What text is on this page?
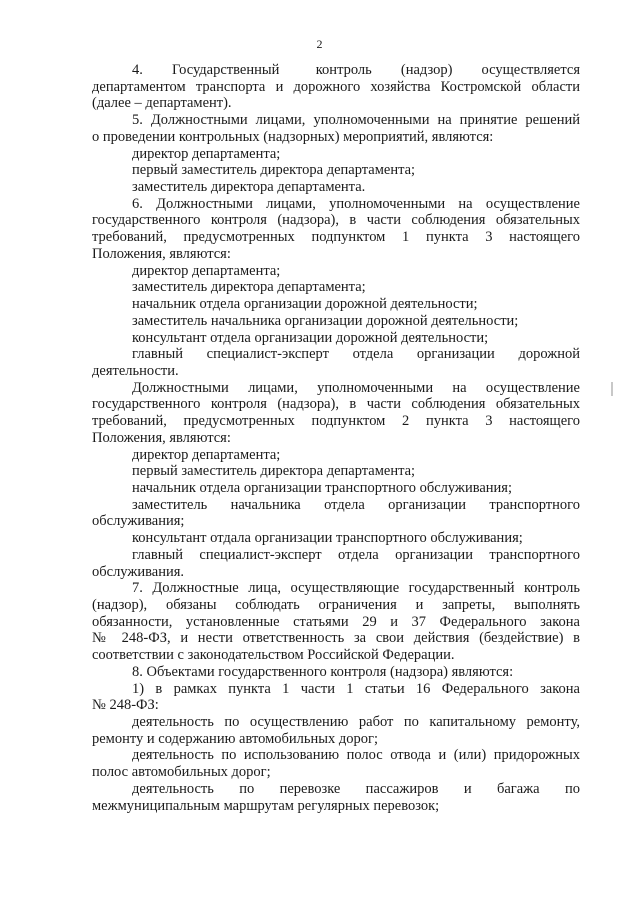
2

4.    Государственный     контроль    (надзор)    осуществляется

департаментом транспорта и дорожного хозяйства Костромской области

(далее – департамент).

5. Должностными лицами, уполномоченными на принятие решений

о проведении контрольных (надзорных) мероприятий, являются:

директор департамента;

первый заместитель директора департамента;

заместитель директора департамента.

6. Должностными лицами, уполномоченными на осуществление

государственного контроля (надзора), в части соблюдения обязательных

требований, предусмотренных подпунктом 1 пункта 3 настоящего

Положения, являются:

директор департамента;

заместитель директора департамента;

начальник отдела организации дорожной деятельности;

заместитель начальника организации дорожной деятельности;

консультант отдела организации дорожной деятельности;

главный специалист-эксперт отдела организации дорожной

деятельности.

Должностными лицами, уполномоченными на осуществление

государственного контроля (надзора), в части соблюдения обязательных

требований, предусмотренных подпунктом 2 пункта 3 настоящего

Положения, являются:

директор департамента;

первый заместитель директора департамента;

начальник отдела организации транспортного обслуживания;

заместитель начальника отдела организации транспортного

обслуживания;

консультант отдала организации транспортного обслуживания;

главный специалист-эксперт отдела организации транспортного

обслуживания.

7. Должностные лица, осуществляющие государственный контроль

(надзор), обязаны соблюдать ограничения и запреты, выполнять

обязанности, установленные статьями 29 и 37 Федерального закона

№ 248-ФЗ, и нести ответственность за свои действия (бездействие) в

соответствии с законодательством Российской Федерации.

8. Объектами государственного контроля (надзора) являются:

1) в рамках пункта 1 части 1 статьи 16 Федерального закона

№ 248-ФЗ:

деятельность по осуществлению работ по капитальному ремонту,

ремонту и содержанию автомобильных дорог;

деятельность по использованию полос отвода и (или) придорожных

полос автомобильных дорог;

деятельность по перевозке пассажиров и багажа по

межмуниципальным маршрутам регулярных перевозок;
